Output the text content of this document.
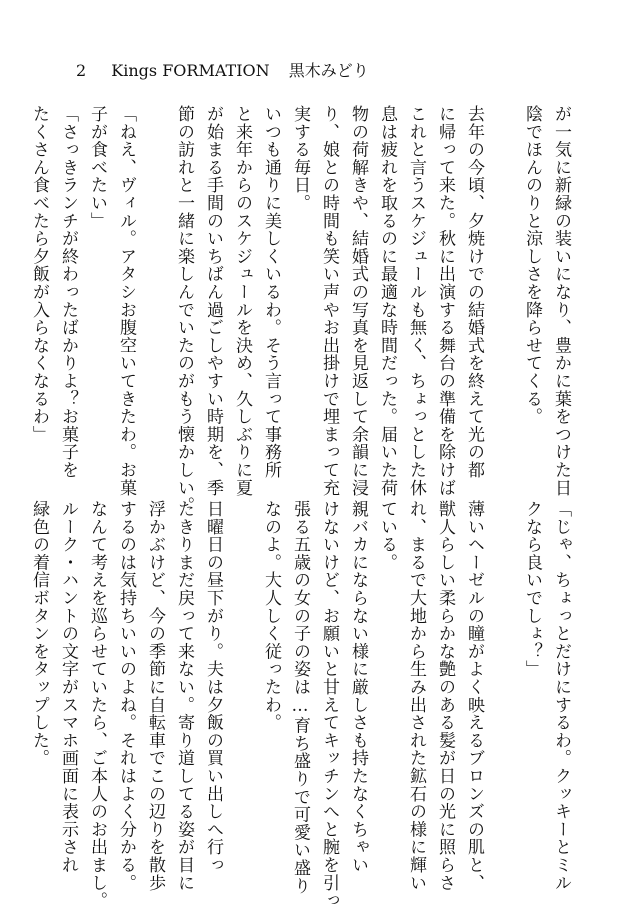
2 Kings FORMATION 黒木みどり

が一気に新緑の装いになり、豊かに葉をつけた日

陰でほんのりと涼しさを降らせてくる。

去年の今頃、夕焼けでの結婚式を終えて光の都

に帰って来た。秋に出演する舞台の準備を除けば

これと言うスケジュールも無く、ちょっとした休

息は疲れを取るのに最適な時間だった。届いた荷

物の荷解きや、結婚式の写真を見返して余韻に浸

り、娘との時間も笑い声やお出掛けで埋まって充

実する毎日。

いつも通りに美しくいるわ。そう言って事務所

と来年からのスケジュールを決め、久しぶりに夏

が始まる手間のいちばん過ごしやすい時期を、季

節の訪れと一緒に楽しんでいたのがもう懐かしい。

「ねえ、ヴィル。アタシお腹空いてきたわ。お菓

子が食べたい」

「さっきランチが終わったばかりよ？お菓子を

たくさん食べたら夕飯が入らなくなるわ」

「じゃ、ちょっとだけにするわ。クッキーとミル

クなら良いでしょ？」

薄いヘーゼルの瞳がよく映えるブロンズの肌と、

獣人らしい柔らかな艶のある髪が日の光に照らさ

れ、まるで大地から生み出された鉱石の様に輝い

ている。

親バカにならない様に厳しさも持たなくちゃい

けないけど、お願いと甘えてキッチンへと腕を引っ

張る五歳の女の子の姿は…育ち盛りで可愛い盛り

なのよ。大人しく従ったわ。

日曜日の昼下がり。夫は夕飯の買い出しへ行っ

たきりまだ戻って来ない。寄り道してる姿が目に

浮かぶけど、今の季節に自転車でこの辺りを散歩

するのは気持ちいいのよね。それはよく分かる。

なんて考えを巡らせていたら、ご本人のお出まし。

ルーク・ハントの文字がスマホ画面に表示され

緑色の着信ボタンをタップした。
